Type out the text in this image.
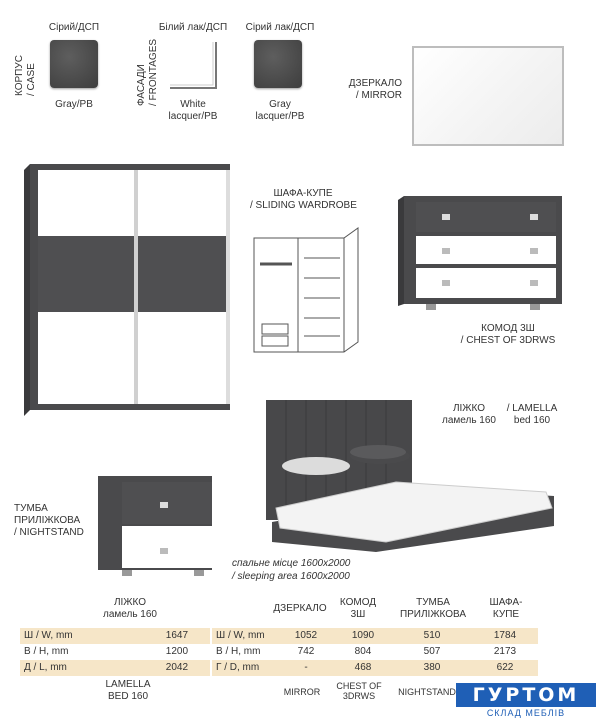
КОРПУС
/ CASE
Сірий/ДСП
Gray/PB	ФАСАДИ
/ FRONTAGES
Білий лак/ДСП
White
lacquer/PB
Сірий лак/ДСП
Gray
lacquer/PB
ДЗЕРКАЛО
/ MIRROR
ШАФА-КУПЕ
/ SLIDING WARDROBE
КОМОД 3Ш
/ CHEST OF 3DRWS
ЛІЖКО
ламель 160
/ LAMELLA
bed 160
спальне місце 1600x2000
/ sleeping area 1600x2000
ТУМБА
ПРИЛІЖКОВА
/ NIGHTSTAND
ЛІЖКО
ламель 160
Ш / W, mm	1647
В / H, mm	1200
Д / L, mm	2042
LAMELLA
BED 160
ДЗЕРКАЛО
КОМОД
3Ш
ТУМБА
ПРИЛІЖКОВА
ШАФА-
КУПЕ
Ш / W, mm	1052	1090	510	1784
В / H, mm	742	804	507	2173
Г / D, mm	-	468	380	622
MIRROR
CHEST OF
3DRWS	NIGHTSTAND ГУРТОМ
СКЛАД МЕБЛІВ
